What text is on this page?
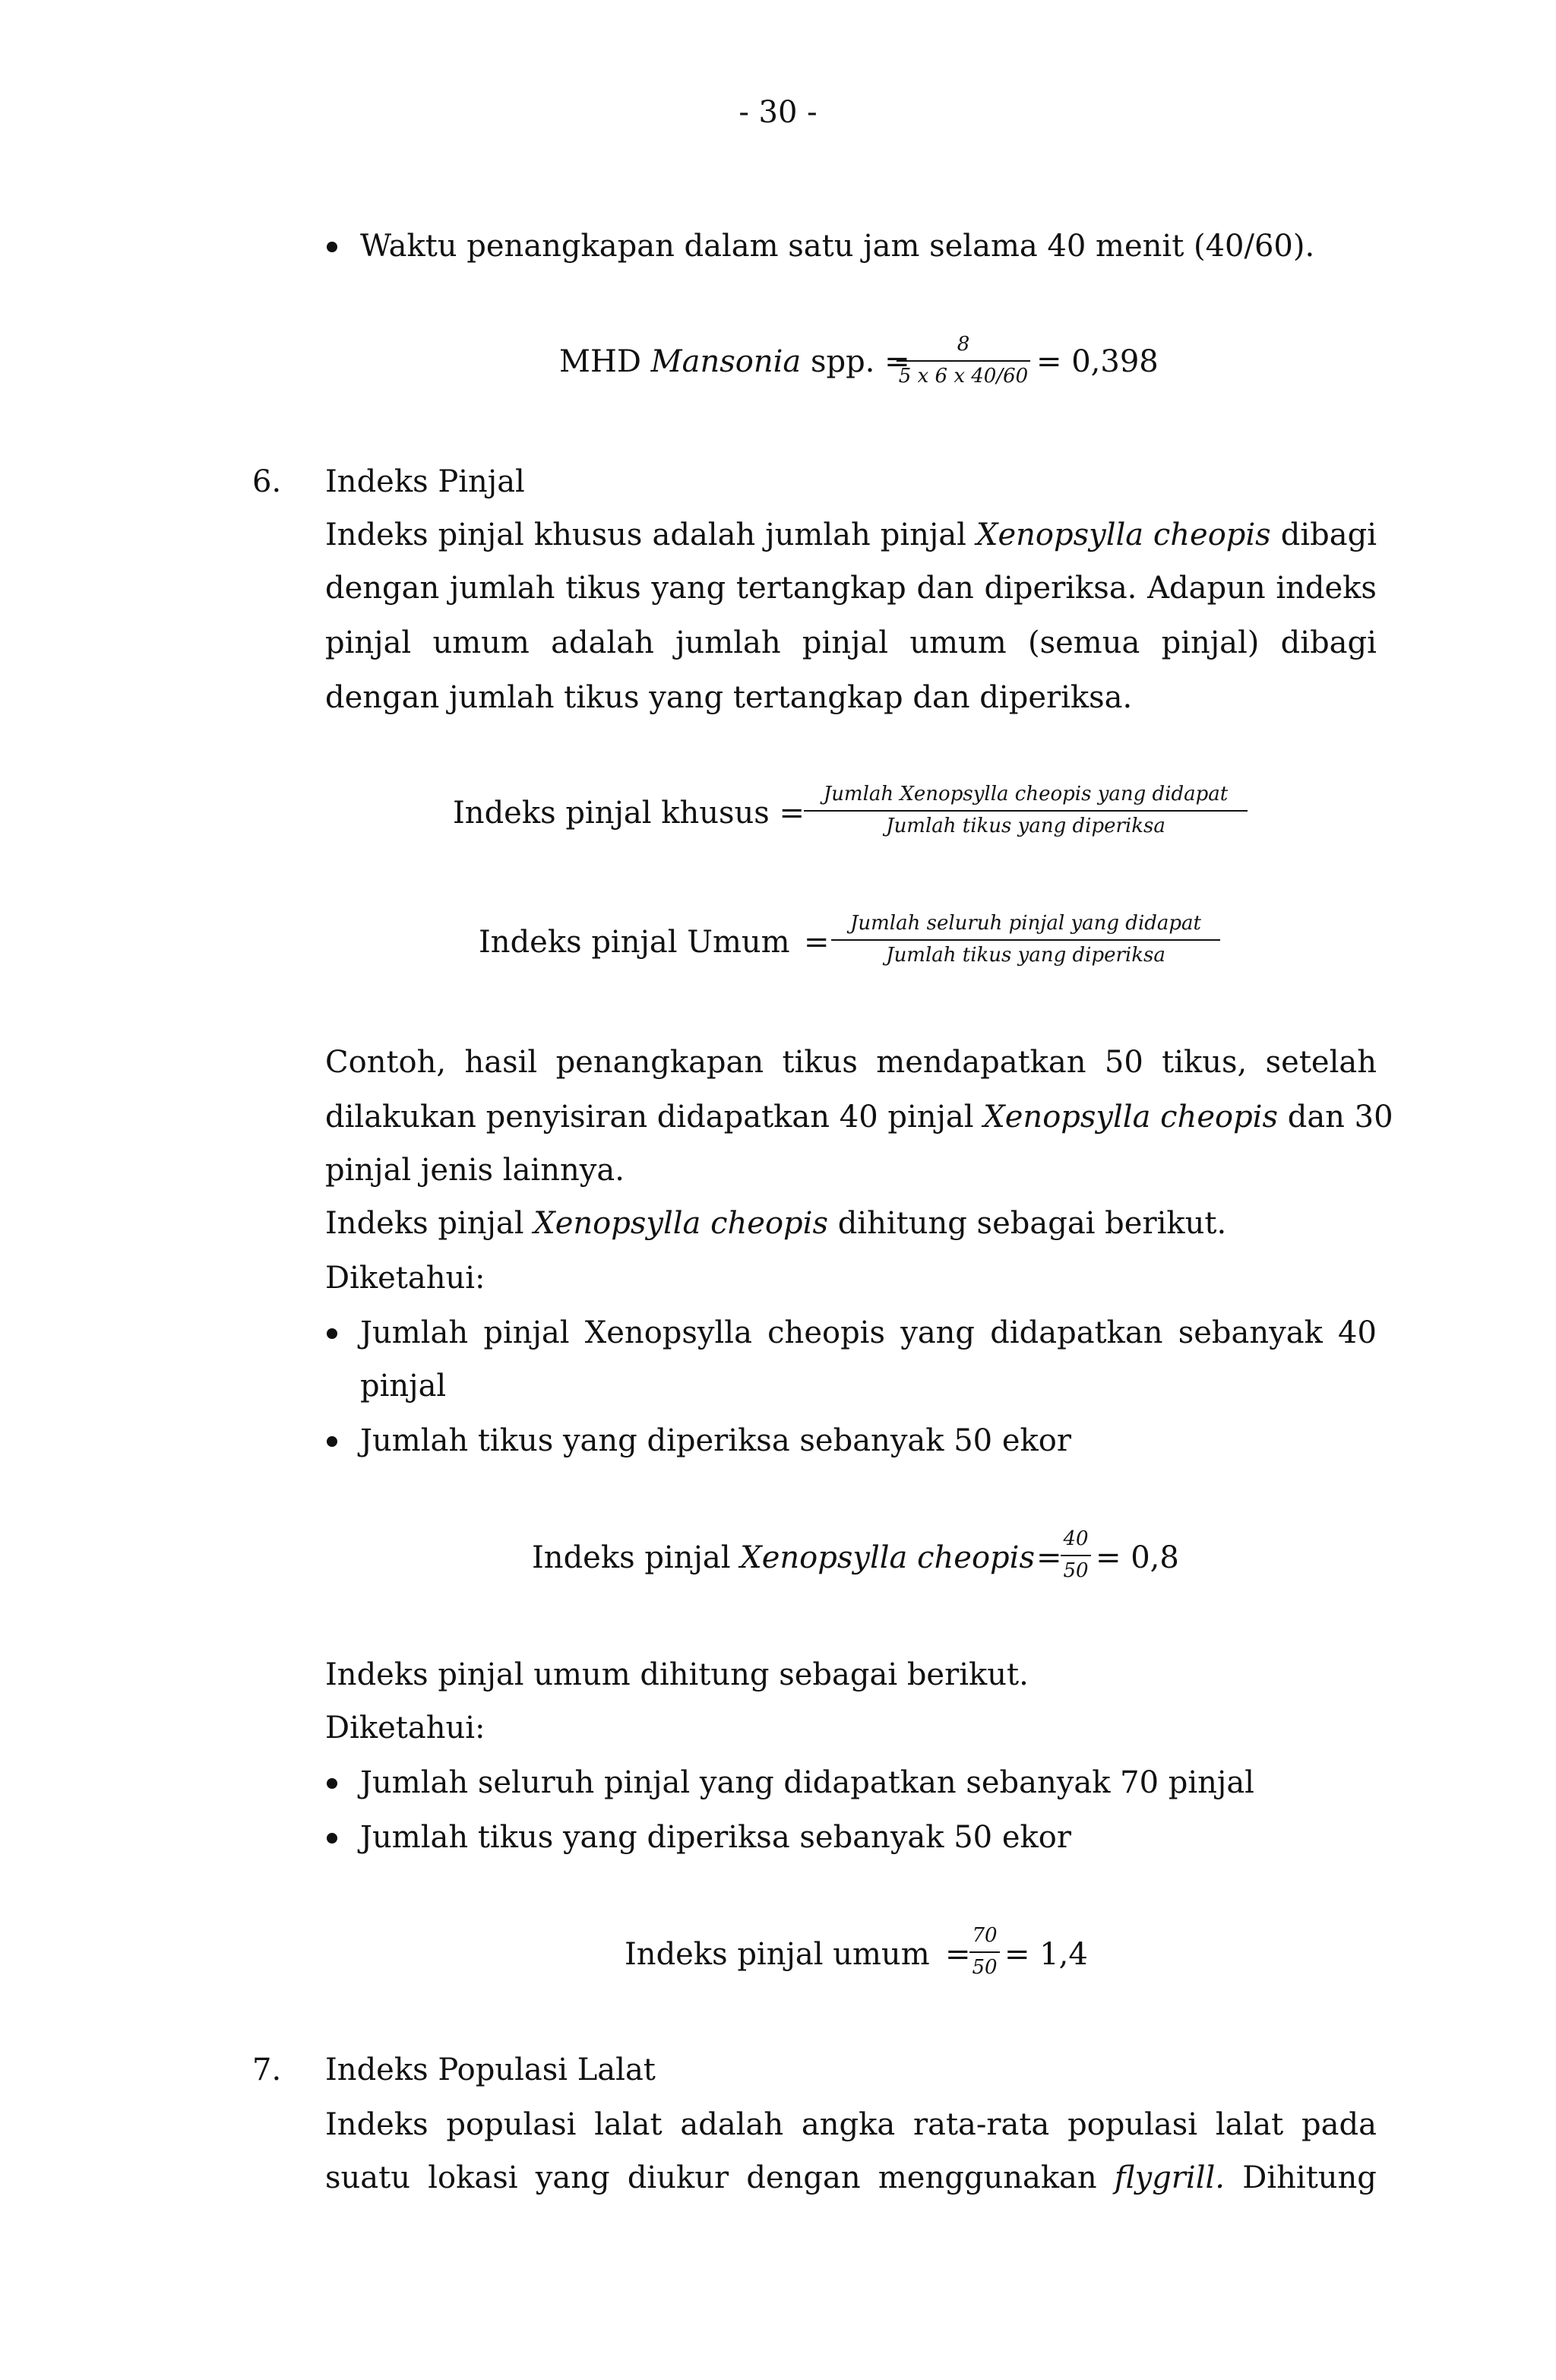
- 30 -
Waktu penangkapan dalam satu jam selama 40 menit (40/60).
MHD Mansonia spp. = 8
5 x 6 x 40/60 = 0,398
6. Indeks Pinjal
Indeks pinjal khusus adalah jumlah pinjal Xenopsylla cheopis dibagi
dengan jumlah tikus yang tertangkap dan diperiksa. Adapun indeks
pinjal umum adalah jumlah pinjal umum (semua pinjal) dibagi
dengan jumlah tikus yang tertangkap dan diperiksa.
Indeks pinjal khusus =
Jumlah Xenopsylla cheopis yang didapat
Jumlah tikus yang diperiksa
Indeks pinjal Umum =
Jumlah seluruh pinjal yang didapat
Jumlah tikus yang diperiksa
Contoh, hasil penangkapan tikus mendapatkan 50 tikus, setelah
dilakukan penyisiran didapatkan 40 pinjal Xenopsylla cheopis dan 30
pinjal jenis lainnya.
Indeks pinjal Xenopsylla cheopis dihitung sebagai berikut.
Diketahui:
Jumlah pinjal Xenopsylla cheopis yang didapatkan sebanyak 40
pinjal
Jumlah tikus yang diperiksa sebanyak 50 ekor
Indeks pinjal Xenopsylla cheopis =
40
50 = 0,8
Indeks pinjal umum dihitung sebagai berikut.
Diketahui:
Jumlah seluruh pinjal yang didapatkan sebanyak 70 pinjal
Jumlah tikus yang diperiksa sebanyak 50 ekor
Indeks pinjal umum =
70
50 = 1,4
7. Indeks Populasi Lalat
Indeks populasi lalat adalah angka rata-rata populasi lalat pada
suatu lokasi yang diukur dengan menggunakan flygrill. Dihitung
